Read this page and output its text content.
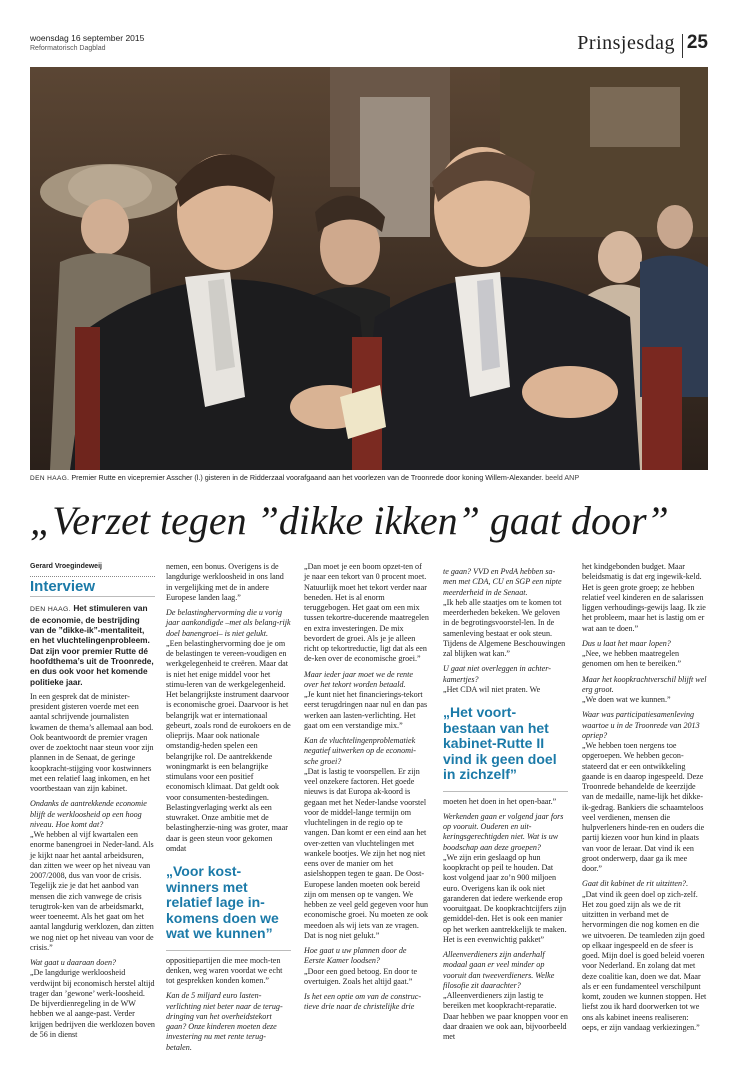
woensdag 16 september 2015
Reformatorisch Dagblad	Prinsjesdag 25
DEN HAAG. Premier Rutte en vicepremier Asscher (l.) gisteren in de Ridderzaal voorafgaand aan het voorlezen van de Troonrede door koning Willem-Alexander. beeld ANP
„Verzet tegen ”dikke ikken” gaat door”
Gerard Vroegindeweij
Interview
DEN HAAG. Het stimuleren van de economie, de bestrijding van de ”dikke-ik”-mentaliteit, en het vluchtelingenprobleem. Dat zijn voor premier Rutte dé hoofdthema’s uit de Troonrede, en dus ook voor het komende politieke jaar.

In een gesprek dat de minister-president gisteren voerde met een aantal schrijvende journalisten kwamen de thema’s allemaal aan bod. Ook beantwoordt de premier vragen over de zoektocht naar steun voor zijn plannen in de Senaat, de geringe koopkracht-stijging voor kostwinners met een relatief laag inkomen, en het voortbestaan van zijn kabinet.

Ondanks de aantrekkende economie blijft de werkloosheid op een hoog niveau. Hoe komt dat?

„We hebben al vijf kwartalen een enorme banengroei in Neder-land. Als je kijkt naar het aantal arbeidsuren, dan zitten we weer op het niveau van 2007/2008, dus van voor de crisis. Tegelijk zie je dat het aanbod van mensen die zich vanwege de crisis terugtrok-ken van de arbeidsmarkt, weer toeneemt. Als het gaat om het aantal langdurig werklozen, dan zitten we nog niet op het niveau van voor de crisis.”

Wat gaat u daaraan doen?

„De langdurige werkloosheid verdwijnt bij economisch herstel altijd trager dan ’gewone’ werk-loosheid. De bijverdienregeling in de WW hebben we al aange-past. Verder krijgen bedrijven die werklozen boven de 56 in dienst

nemen, een bonus. Overigens is de langdurige werkloosheid in ons land in vergelijking met de in andere Europese landen laag.”

De belastinghervorming die u vorig jaar aankondigde –met als belang-rijk doel banengroei– is niet gelukt.

„Een belastinghervorming doe je om de belastingen te vereen-voudigen en werkgelegenheid te creëren. Maar dat is niet het enige middel voor het stimu-leren van de werkgelegenheid. Het belangrijkste instrument daarvoor is economische groei. Daarvoor is het belangrijk wat er internationaal gebeurt, zoals rond de eurokoers en de olieprijs. Maar ook nationale omstandig-heden spelen een belangrijke rol. De aantrekkende woningmarkt is een belangrijke stimulans voor een positief economisch klimaat. Dat geldt ook voor consumenten-bestedingen. Belastingverlaging werkt als een stuwraket. Onze ambitie met de belastingherzie-ning was groter, maar daar is geen steun voor gekomen omdat

„Voor kost-winners met relatief lage in-komens doen we wat we kunnen”

oppositiepartijen die mee moch-ten denken, weg waren voordat we echt tot gesprekken konden komen.”

Kan de 5 miljard euro lasten-verlichting niet beter naar de terug-dringing van het overheidstekort gaan? Onze kinderen moeten deze investering nu met rente terug-betalen.

„Dan moet je een boom opzet-ten of je naar een tekort van 0 procent moet. Natuurlijk moet het tekort verder naar beneden. Het is al enorm teruggebogen. Het gaat om een mix tussen tekortre-ducerende maatregelen en extra investeringen. De mix bevordert de groei. Als je je alleen richt op tekortreductie, ligt dat als een de-ken over de economische groei.”

Maar ieder jaar moet we de rente over het tekort worden betaald.

„Je kunt niet het financierings-tekort eerst terugdringen naar nul en dan pas werken aan lasten-verlichting. Het gaat om een verstandige mix.”

Kan de vluchtelingenproblematiek negatief uitwerken op de economi-sche groei?

„Dat is lastig te voorspellen. Er zijn veel onzekere factoren. Het goede nieuws is dat Europa ak-koord is gegaan met het Neder-landse voorstel voor de middel-lange termijn om vluchtelingen in de regio op te vangen. Dan komt er een eind aan het over-zetten van vluchtelingen met wankele bootjes. We zijn het nog niet eens over de manier om het asielshoppen tegen te gaan. De Oost-Europese landen moeten ook bereid zijn om mensen op te vangen. We hebben ze veel geld gegeven voor hun economische groei. Nu moeten ze ook meedoen als wij iets van ze vragen. Dat is nog niet gelukt.”

Hoe gaat u uw plannen door de Eerste Kamer loodsen?

„Door een goed betoog. En door te overtuigen. Zoals het altijd gaat.”

Is het een optie om van de construc-tieve drie naar de christelijke drie

te gaan? VVD en PvdA hebben sa-men met CDA, CU en SGP een nipte meerderheid in de Senaat.

„Ik heb alle staatjes om te komen tot meerderheden bekeken. We geloven in de begrotingsvoorstel-len. In de samenleving bestaat er ook steun. Tijdens de Algemene Beschouwingen zal blijken wat kan.”

U gaat niet overleggen in achter-kamertjes?

„Het CDA wil niet praten. We

„Het voort-bestaan van het kabinet-Rutte II vind ik geen doel in zichzelf”

moeten het doen in het open-baar.”

Werkenden gaan er volgend jaar fors op vooruit. Ouderen en uit-keringsgerechtigden niet. Wat is uw boodschap aan deze groepen?

„We zijn erin geslaagd op hun koopkracht op peil te houden. Dat kost volgend jaar zo’n 900 miljoen euro. Overigens kan ik ook niet garanderen dat iedere werkende erop vooruitgaat. De koopkrachtcijfers zijn gemiddel-den. Het is ook een manier op het werken aantrekkelijk te maken. Het is een evenwichtig pakket”

Alleenverdieners zijn anderhalf modaal gaan er veel minder op vooruit dan tweeverdieners. Welke filosofie zit daarachter?

„Alleenverdieners zijn lastig te bereiken met koopkracht-reparatie. Daar hebben we paar knoppen voor en daar draaien we ook aan, bijvoorbeeld met

het kindgebonden budget. Maar beleidsmatig is dat erg ingewik-keld. Het is geen grote groep; ze hebben relatief veel kinderen en de salarissen liggen verhoudings-gewijs laag. Ik zie het probleem, maar het is lastig om er wat aan te doen.”

Dus u laat het maar lopen?

„Nee, we hebben maatregelen genomen om hen te bereiken.”

Maar het koopkrachtverschil blijft wel erg groot.

„We doen wat we kunnen.”

Waar was participatiesamenleving waartoe u in de Troonrede van 2013 opriep?

„We hebben toen nergens toe opgeroepen. We hebben gecon-stateerd dat er een ontwikkeling gaande is en daarop ingespeeld. Deze Troonrede behandelde de keerzijde van de medaille, name-lijk het dikke-ik-gedrag. Bankiers die schaamteloos veel verdienen, mensen die hulpverleners hinde-ren en ouders die partij kiezen voor hun kind in plaats van voor de leraar. Dat vind ik een groot onderwerp, daar ga ik mee door.”

Gaat dit kabinet de rit uitzitten?.

„Dat vind ik geen doel op zich-zelf. Het zou goed zijn als we de rit uitzitten in verband met de hervormingen die nog komen en die we uitvoeren. De teamleden zijn goed op elkaar ingespeeld en de sfeer is goed. Mijn doel is goed beleid voeren voor Nederland. En zolang dat met deze coalitie kan, doen we dat. Maar als er een fundamenteel verschilpunt komt, zouden we kunnen stoppen. Het liefst zou ik hard doorwerken tot we ons als kabinet ineens realiseren: oeps, er zijn vandaag verkiezingen.”
